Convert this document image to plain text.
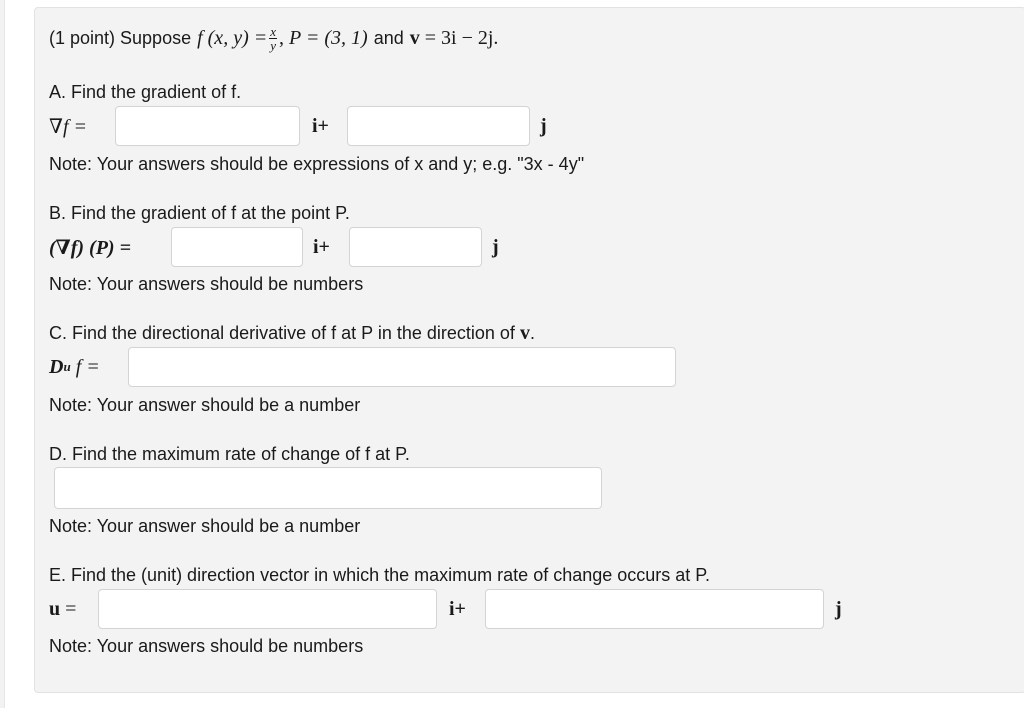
(1 point) Suppose f (x, $y) = \frac{x}{y}$ , P = (3, 1) and v
= 3i − 2j.
A. Find the gradient of f.
∇f =	i+	j
Note: Your answers should be expressions of x and y; e.g. "3x - 4y"
B. Find the gradient of f at the point P.
(∇f) (P) =	i+	j
Note: Your answers should be numbers
C. Find the directional derivative of f at P in the direction of
v .
D u
f =
Note: Your answer should be a number
D. Find the maximum rate of change of f at P.
Note: Your answer should be a number
E. Find the (unit) direction vector in which the maximum rate of change occurs at P.
u
=	i+	j
Note: Your answers should be numbers
